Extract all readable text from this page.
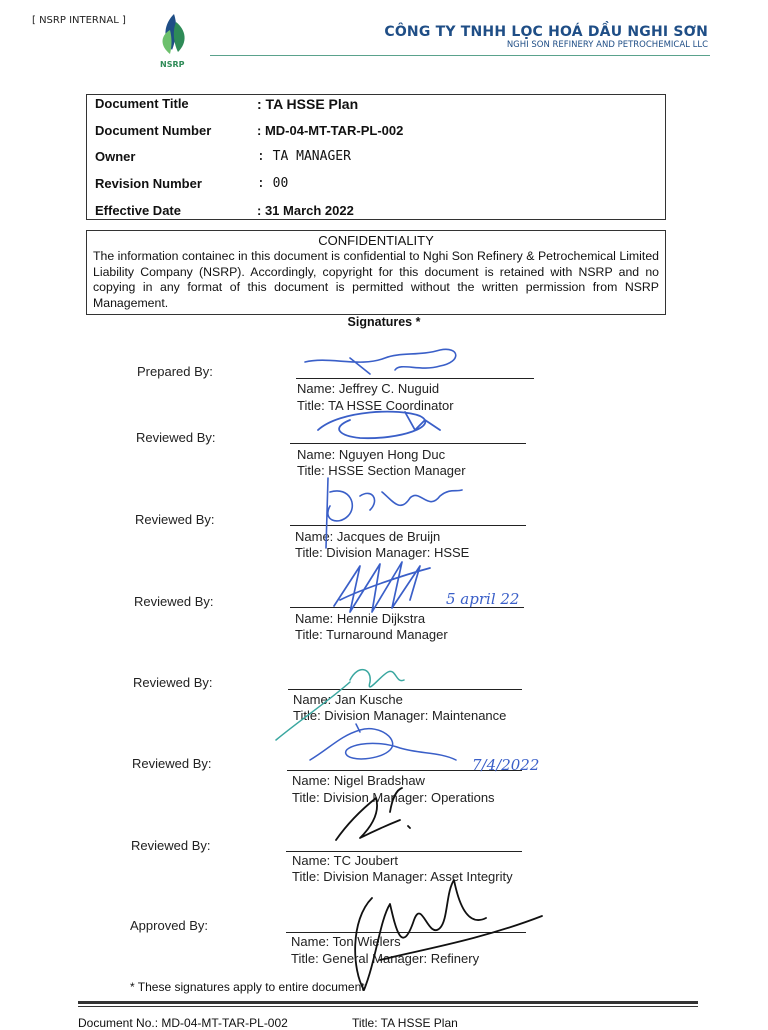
[ NSRP INTERNAL ]
NSRP
CÔNG TY TNHH LỌC HOÁ DẦU NGHI SƠN
NGHI SON REFINERY AND PETROCHEMICAL LLC
Document Title	: TA HSSE Plan
Document Number	: MD-04-MT-TAR-PL-002
Owner	: TA MANAGER
Revision Number	: 00
Effective Date	: 31 March 2022
CONFIDENTIALITY
The information containec in this document is confidential to Nghi Son Refinery & Petrochemical Limited Liability Company (NSRP). Accordingly, copyright for this document is retained with NSRP and no copying in any format of this document is permitted without the written permission from NSRP Management.
Signatures *
Prepared By:
Name: Jeffrey C. Nuguid
Title: TA HSSE Coordinator
Reviewed By:
Name: Nguyen Hong Duc
Title: HSSE Section Manager
Reviewed By:
Name: Jacques de Bruijn
Title: Division Manager: HSSE
Reviewed By:
Name: Hennie Dijkstra
Title: Turnaround Manager
5 april 22
Reviewed By:
Name: Jan Kusche
Title: Division Manager: Maintenance
Reviewed By:
Name: Nigel Bradshaw
Title: Division Manager: Operations
7/4/2022
Reviewed By:
Name: TC Joubert
Title: Division Manager: Asset Integrity
Approved By:
Name: Ton Wielers
Title: General Manager: Refinery
* These signatures apply to entire document
Document No.: MD-04-MT-TAR-PL-002	Title: TA HSSE Plan
